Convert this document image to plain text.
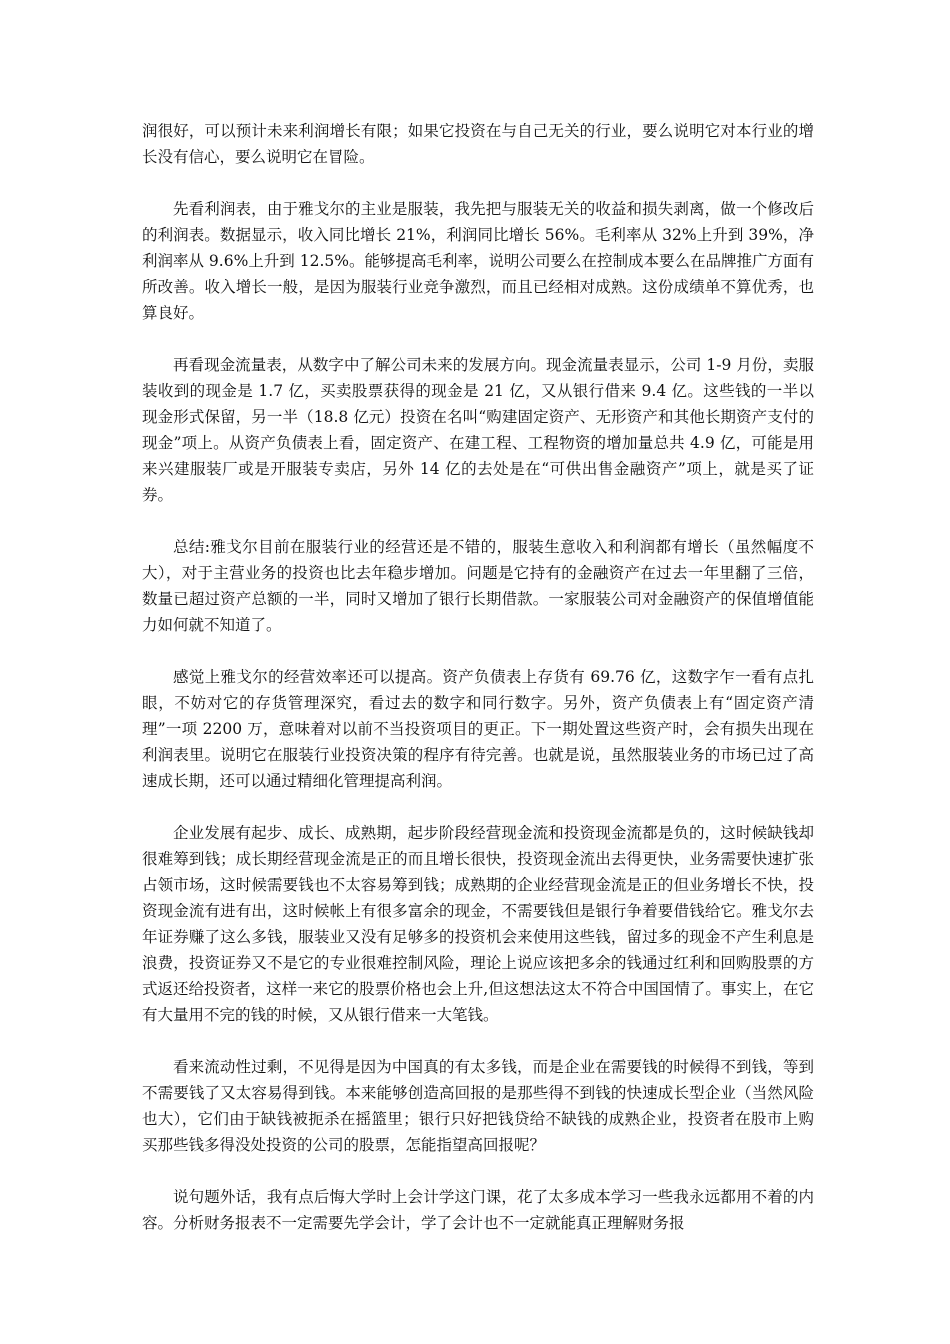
润很好，可以预计未来利润增长有限；如果它投资在与自己无关的行业，要么说明它对本行业的增长没有信心，要么说明它在冒险。

先看利润表，由于雅戈尔的主业是服装，我先把与服装无关的收益和损失剥离，做一个修改后的利润表。数据显示，收入同比增长 21%，利润同比增长 56%。毛利率从 32%上升到 39%，净利润率从 9.6%上升到 12.5%。能够提高毛利率，说明公司要么在控制成本要么在品牌推广方面有所改善。收入增长一般，是因为服装行业竞争激烈，而且已经相对成熟。这份成绩单不算优秀，也算良好。

再看现金流量表，从数字中了解公司未来的发展方向。现金流量表显示，公司 1-9 月份，卖服装收到的现金是 1.7 亿，买卖股票获得的现金是 21 亿，又从银行借来 9.4 亿。这些钱的一半以现金形式保留，另一半（18.8 亿元）投资在名叫“购建固定资产、无形资产和其他长期资产支付的现金”项上。从资产负债表上看，固定资产、在建工程、工程物资的增加量总共 4.9 亿，可能是用来兴建服装厂或是开服装专卖店，另外 14 亿的去处是在“可供出售金融资产”项上，就是买了证券。

总结:雅戈尔目前在服装行业的经营还是不错的，服装生意收入和利润都有增长（虽然幅度不大），对于主营业务的投资也比去年稳步增加。问题是它持有的金融资产在过去一年里翻了三倍，数量已超过资产总额的一半，同时又增加了银行长期借款。一家服装公司对金融资产的保值增值能力如何就不知道了。

感觉上雅戈尔的经营效率还可以提高。资产负债表上存货有 69.76 亿，这数字乍一看有点扎眼，不妨对它的存货管理深究，看过去的数字和同行数字。另外，资产负债表上有“固定资产清理”一项 2200 万，意味着对以前不当投资项目的更正。下一期处置这些资产时，会有损失出现在利润表里。说明它在服装行业投资决策的程序有待完善。也就是说，虽然服装业务的市场已过了高速成长期，还可以通过精细化管理提高利润。

企业发展有起步、成长、成熟期，起步阶段经营现金流和投资现金流都是负的，这时候缺钱却很难筹到钱；成长期经营现金流是正的而且增长很快，投资现金流出去得更快，业务需要快速扩张占领市场，这时候需要钱也不太容易筹到钱；成熟期的企业经营现金流是正的但业务增长不快，投资现金流有进有出，这时候帐上有很多富余的现金，不需要钱但是银行争着要借钱给它。雅戈尔去年证券赚了这么多钱，服装业又没有足够多的投资机会来使用这些钱，留过多的现金不产生利息是浪费，投资证券又不是它的专业很难控制风险，理论上说应该把多余的钱通过红利和回购股票的方式返还给投资者，这样一来它的股票价格也会上升,但这想法这太不符合中国国情了。事实上，在它有大量用不完的钱的时候，又从银行借来一大笔钱。

看来流动性过剩，不见得是因为中国真的有太多钱，而是企业在需要钱的时候得不到钱，等到不需要钱了又太容易得到钱。本来能够创造高回报的是那些得不到钱的快速成长型企业（当然风险也大），它们由于缺钱被扼杀在摇篮里；银行只好把钱贷给不缺钱的成熟企业，投资者在股市上购买那些钱多得没处投资的公司的股票，怎能指望高回报呢？

说句题外话，我有点后悔大学时上会计学这门课，花了太多成本学习一些我永远都用不着的内容。分析财务报表不一定需要先学会计，学了会计也不一定就能真正理解财务报
